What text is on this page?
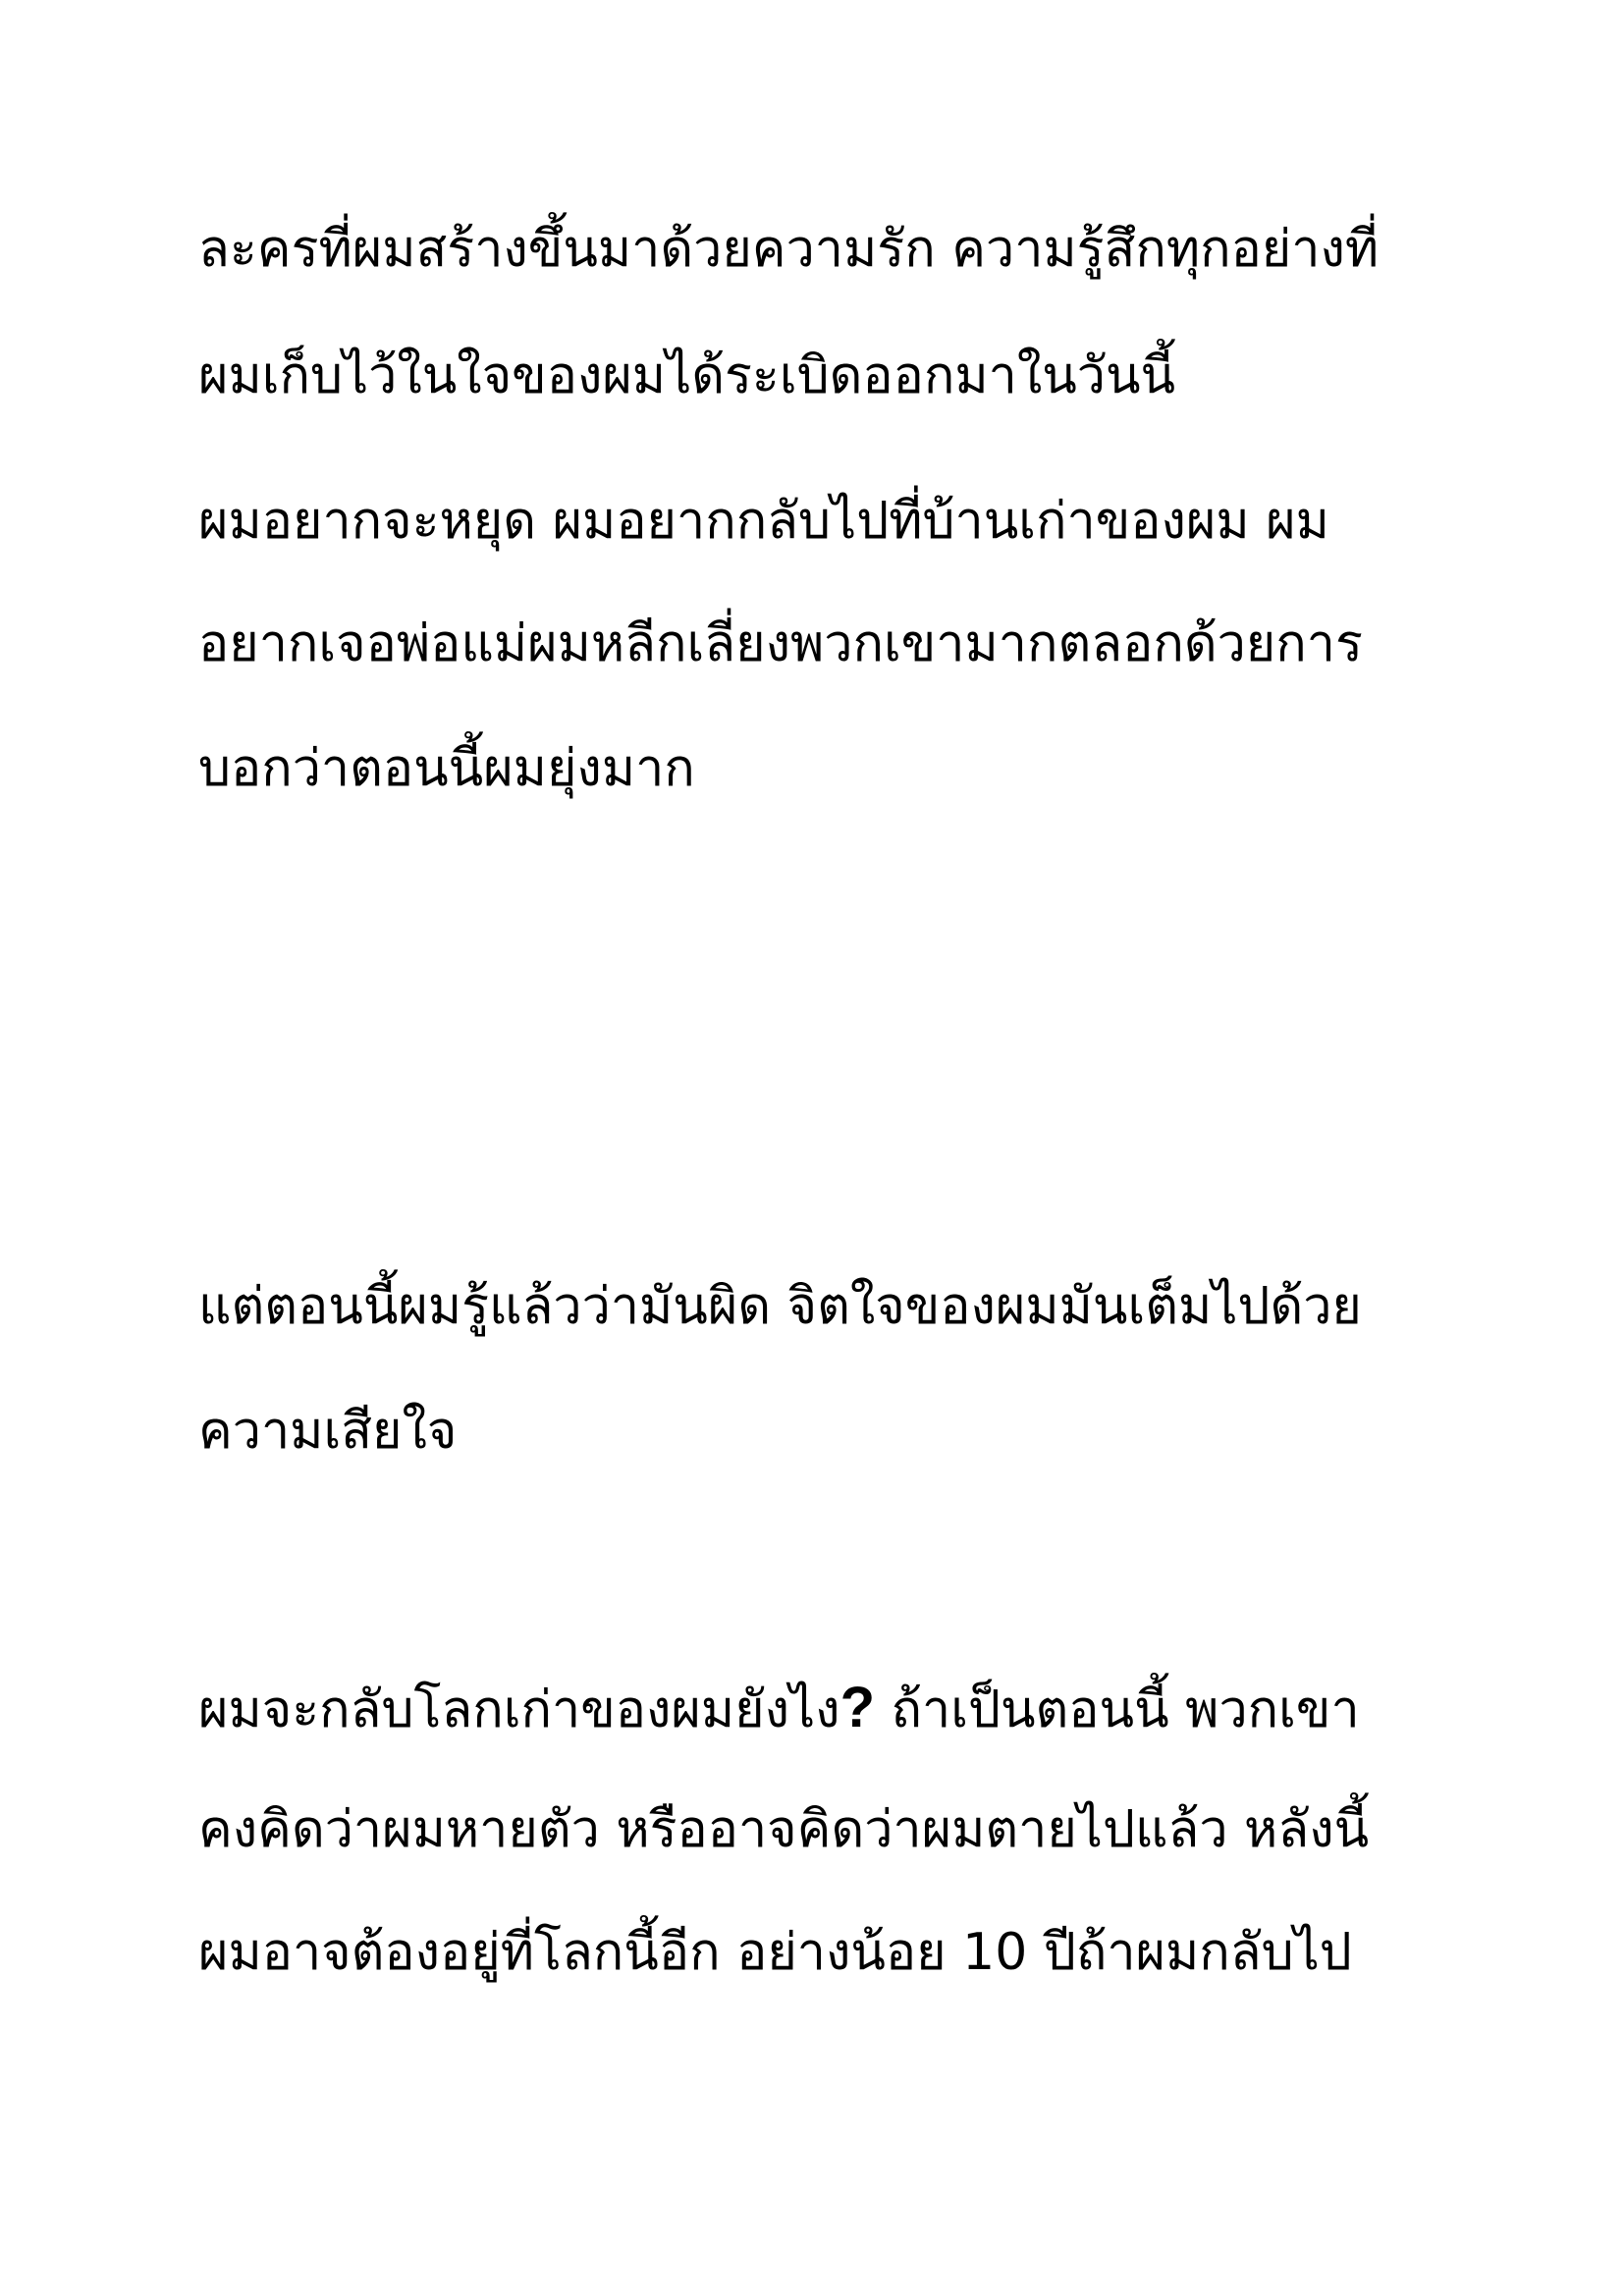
ละครที่ผมสร้างขึ้นมาด้วยความรัก ความรู้สึกทุกอย่างที่

ผมเก็บไว้ในใจของผมได้ระเบิดออกมาในวันนี้

ผมอยากจะหยุด ผมอยากกลับไปที่บ้านเก่าของผม ผม

อยากเจอพ่อแม่ผมหลีกเลี่ยงพวกเขามากตลอกด้วยการ

บอกว่าตอนนี้ผมยุ่งมาก

แต่ตอนนี้ผมรู้แล้วว่ามันผิด จิตใจของผมมันเต็มไปด้วย

ความเสียใจ

ผมจะกลับโลกเก่าของผมยังไง? ถ้าเป็นตอนนี้ พวกเขา

คงคิดว่าผมหายตัว หรืออาจคิดว่าผมตายไปแล้ว หลังนี้

ผมอาจต้องอยู่ที่โลกนี้อีก อย่างน้อย 10 ปีถ้าผมกลับไป
